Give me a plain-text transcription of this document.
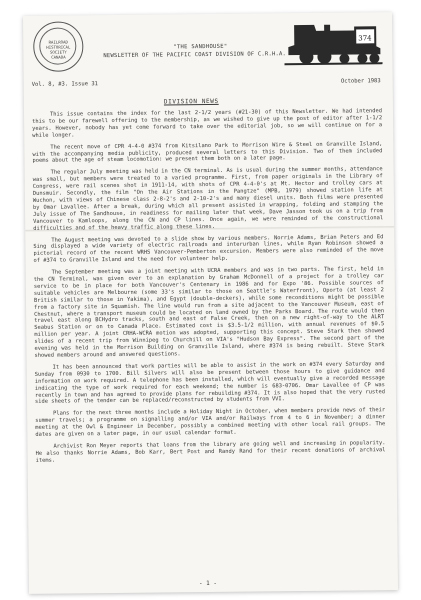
RAILROAD HISTORICAL SOCIETY CANADA
"THE SANDHOUSE"
NEWSLETTER OF THE PACIFIC COAST DIVISION OF C.R.H.A.
374
Vol. 8, #3. Issue 31	October 1983
DIVISION NEWS

This issue contains the index for the last 2-1/2 years (#21-30) of this Newsletter. We had intended this to be our farewell offering to the membership, as we wished to give up the post of editor after 1-1/2 years. However, nobody has yet come forward to take over the editorial job, so we will continue on for a while longer.

The recent move of CPR 4-4-0 #374 from Kitsilano Park to Morrison Wire & Steel on Granville Island, with the accompanying media publicity, produced several letters to this Division. Two of them included poems about the age of steam locomotion: we present them both on a later page.

The regular July meeting was held in the CN terminal. As is usual during the summer months, attendance was small, but members were treated to a varied programme. First, from paper originals in the Library of Congress, were rail scenes shot in 1911-14, with shots of CPR 4-4-0's at Mt. Hector and trolley cars at Dunsmuir. Secondly, the film "On the Air Stations in the Pangtze" (MPB, 1979) showed station life at Wuchon, with views of Chinese class 2-8-2's and 2-10-2's and many diesel units. Both films were presented by Omar Lavallee. After a break, during which all present assisted in wrapping, folding and stamping the July issue of The Sandhouse, in readiness for mailing later that week, Dave Jasson took us on a trip from Vancouver to Kamloops, along the CN and CP lines. Once again, we were reminded of the constructional difficulties and of the heavy traffic along these lines.

The August meeting was devoted to a slide show by various members. Norrie Adams, Brian Peters and Ed Sing displayed a wide variety of electric railroads and interurban lines, while Ryan Robinson showed a pictorial record of the recent WRHS Vancouver-Pemberton excursion. Members were also reminded of the move of #374 to Granville Island and the need for volunteer help.

The September meeting was a joint meeting with UCRA members and was in two parts. The first, held in the CN Terminal, was given over to an explanation by Graham McDonnell of a project for a trolley car service to be in place for both Vancouver's Centenary in 1986 and for Expo '86. Possible sources of suitable vehicles are Melbourne (some 33's similar to those on Seattle's Waterfront), Oporto (at least 2 British similar to those in Yakima), and Egypt (double-deckers), while some reconditions might be possible from a factory site in Squamish. The line would run from a site adjacent to the Vancouver Museum, east of Chestnut, where a transport museum could be located on land owned by the Parks Board. The route would then travel east along BCHydro tracks, south and east of False Creek, then on a new right-of-way to the ALRT Seabus Station or on to Canada Place. Estimated cost is $3.5-1/2 million, with annual revenues of $0.5 million per year. A joint CRHA-WCRA motion was adopted, supporting this concept. Steve Stark then showed slides of a recent trip from Winnipeg to Churchill on VIA's "Hudson Bay Express". The second part of the evening was held in the Morrison Building on Granville Island, where #374 is being rebuilt. Steve Stark showed members around and answered questions.

It has been announced that work parties will be able to assist in the work on #374 every Saturday and Sunday from 0930 to 1700. Bill Silvers will also be present between those hours to give guidance and information on work required. A telephone has been installed, which will eventually give a recorded message indicating the type of work required for each weekend; the number is 683-0706. Omar Lavallee of CP was recently in town and has agreed to provide plans for rebuilding #374. It is also hoped that the very rusted side sheets of the tender can be replaced/reconstructed by students from VVI.

Plans for the next three months include a Holiday Night in October, when members provide news of their summer travels; a programme on signalling and/or VIA and/or Railways from 4 to 6 in November; a dinner meeting at the Owl & Engineer in December, possibly a combined meeting with other local rail groups. The dates are given on a later page, in our usual calendar format.

Archivist Ron Meyer reports that loans from the library are going well and increasing in popularity. He also thanks Norrie Adams, Bob Karr, Bert Post and Randy Rand for their recent donations of archival items.

- 1 -
